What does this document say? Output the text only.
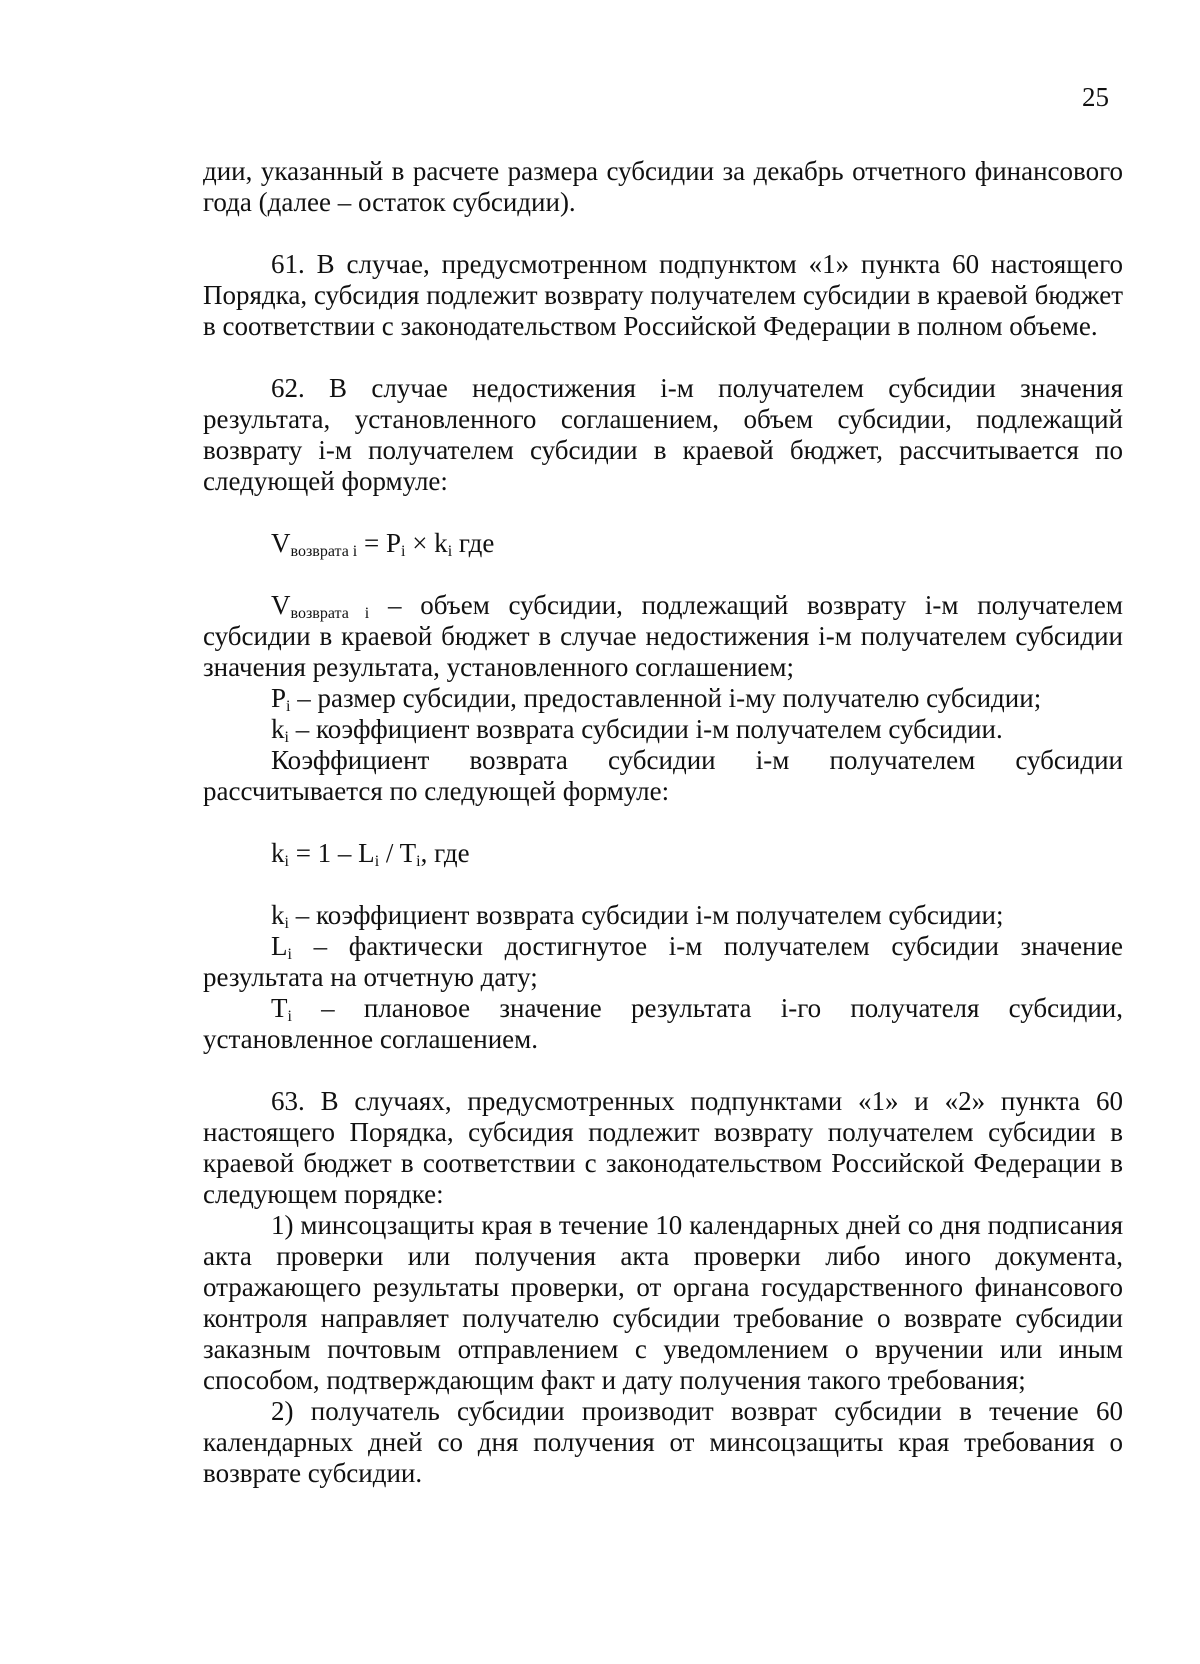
25

дии, указанный в расчете размера субсидии за декабрь отчетного финансового года (далее – остаток субсидии).

61. В случае, предусмотренном подпунктом «1» пункта 60 настоящего Порядка, субсидия подлежит возврату получателем субсидии в краевой бюджет в соответствии с законодательством Российской Федерации в полном объеме.

62. В случае недостижения i-м получателем субсидии значения результата, установленного соглашением, объем субсидии, подлежащий возврату i-м получателем субсидии в краевой бюджет, рассчитывается по следующей формуле:

$V_{возврата i} = P_i \times k_i$ где

$V_{возврата i}$ – объем субсидии, подлежащий возврату i-м получателем субсидии в краевой бюджет в случае недостижения i-м получателем субсидии значения результата, установленного соглашением;

$P_i$ – размер субсидии, предоставленной i-му получателю субсидии;

$k_i$ – коэффициент возврата субсидии i-м получателем субсидии.

Коэффициент возврата субсидии i-м получателем субсидии рассчитывается по следующей формуле:

$k_i = 1 - L_i / T_i$, где

$k_i$ – коэффициент возврата субсидии i-м получателем субсидии;

$L_i$ – фактически достигнутое i-м получателем субсидии значение результата на отчетную дату;

$T_i$ – плановое значение результата i-го получателя субсидии, установленное соглашением.

63. В случаях, предусмотренных подпунктами «1» и «2» пункта 60 настоящего Порядка, субсидия подлежит возврату получателем субсидии в краевой бюджет в соответствии с законодательством Российской Федерации в следующем порядке:

1) минсоцзащиты края в течение 10 календарных дней со дня подписания акта проверки или получения акта проверки либо иного документа, отражающего результаты проверки, от органа государственного финансового контроля направляет получателю субсидии требование о возврате субсидии заказным почтовым отправлением с уведомлением о вручении или иным способом, подтверждающим факт и дату получения такого требования;

2) получатель субсидии производит возврат субсидии в течение 60 календарных дней со дня получения от минсоцзащиты края требования о возврате субсидии.
